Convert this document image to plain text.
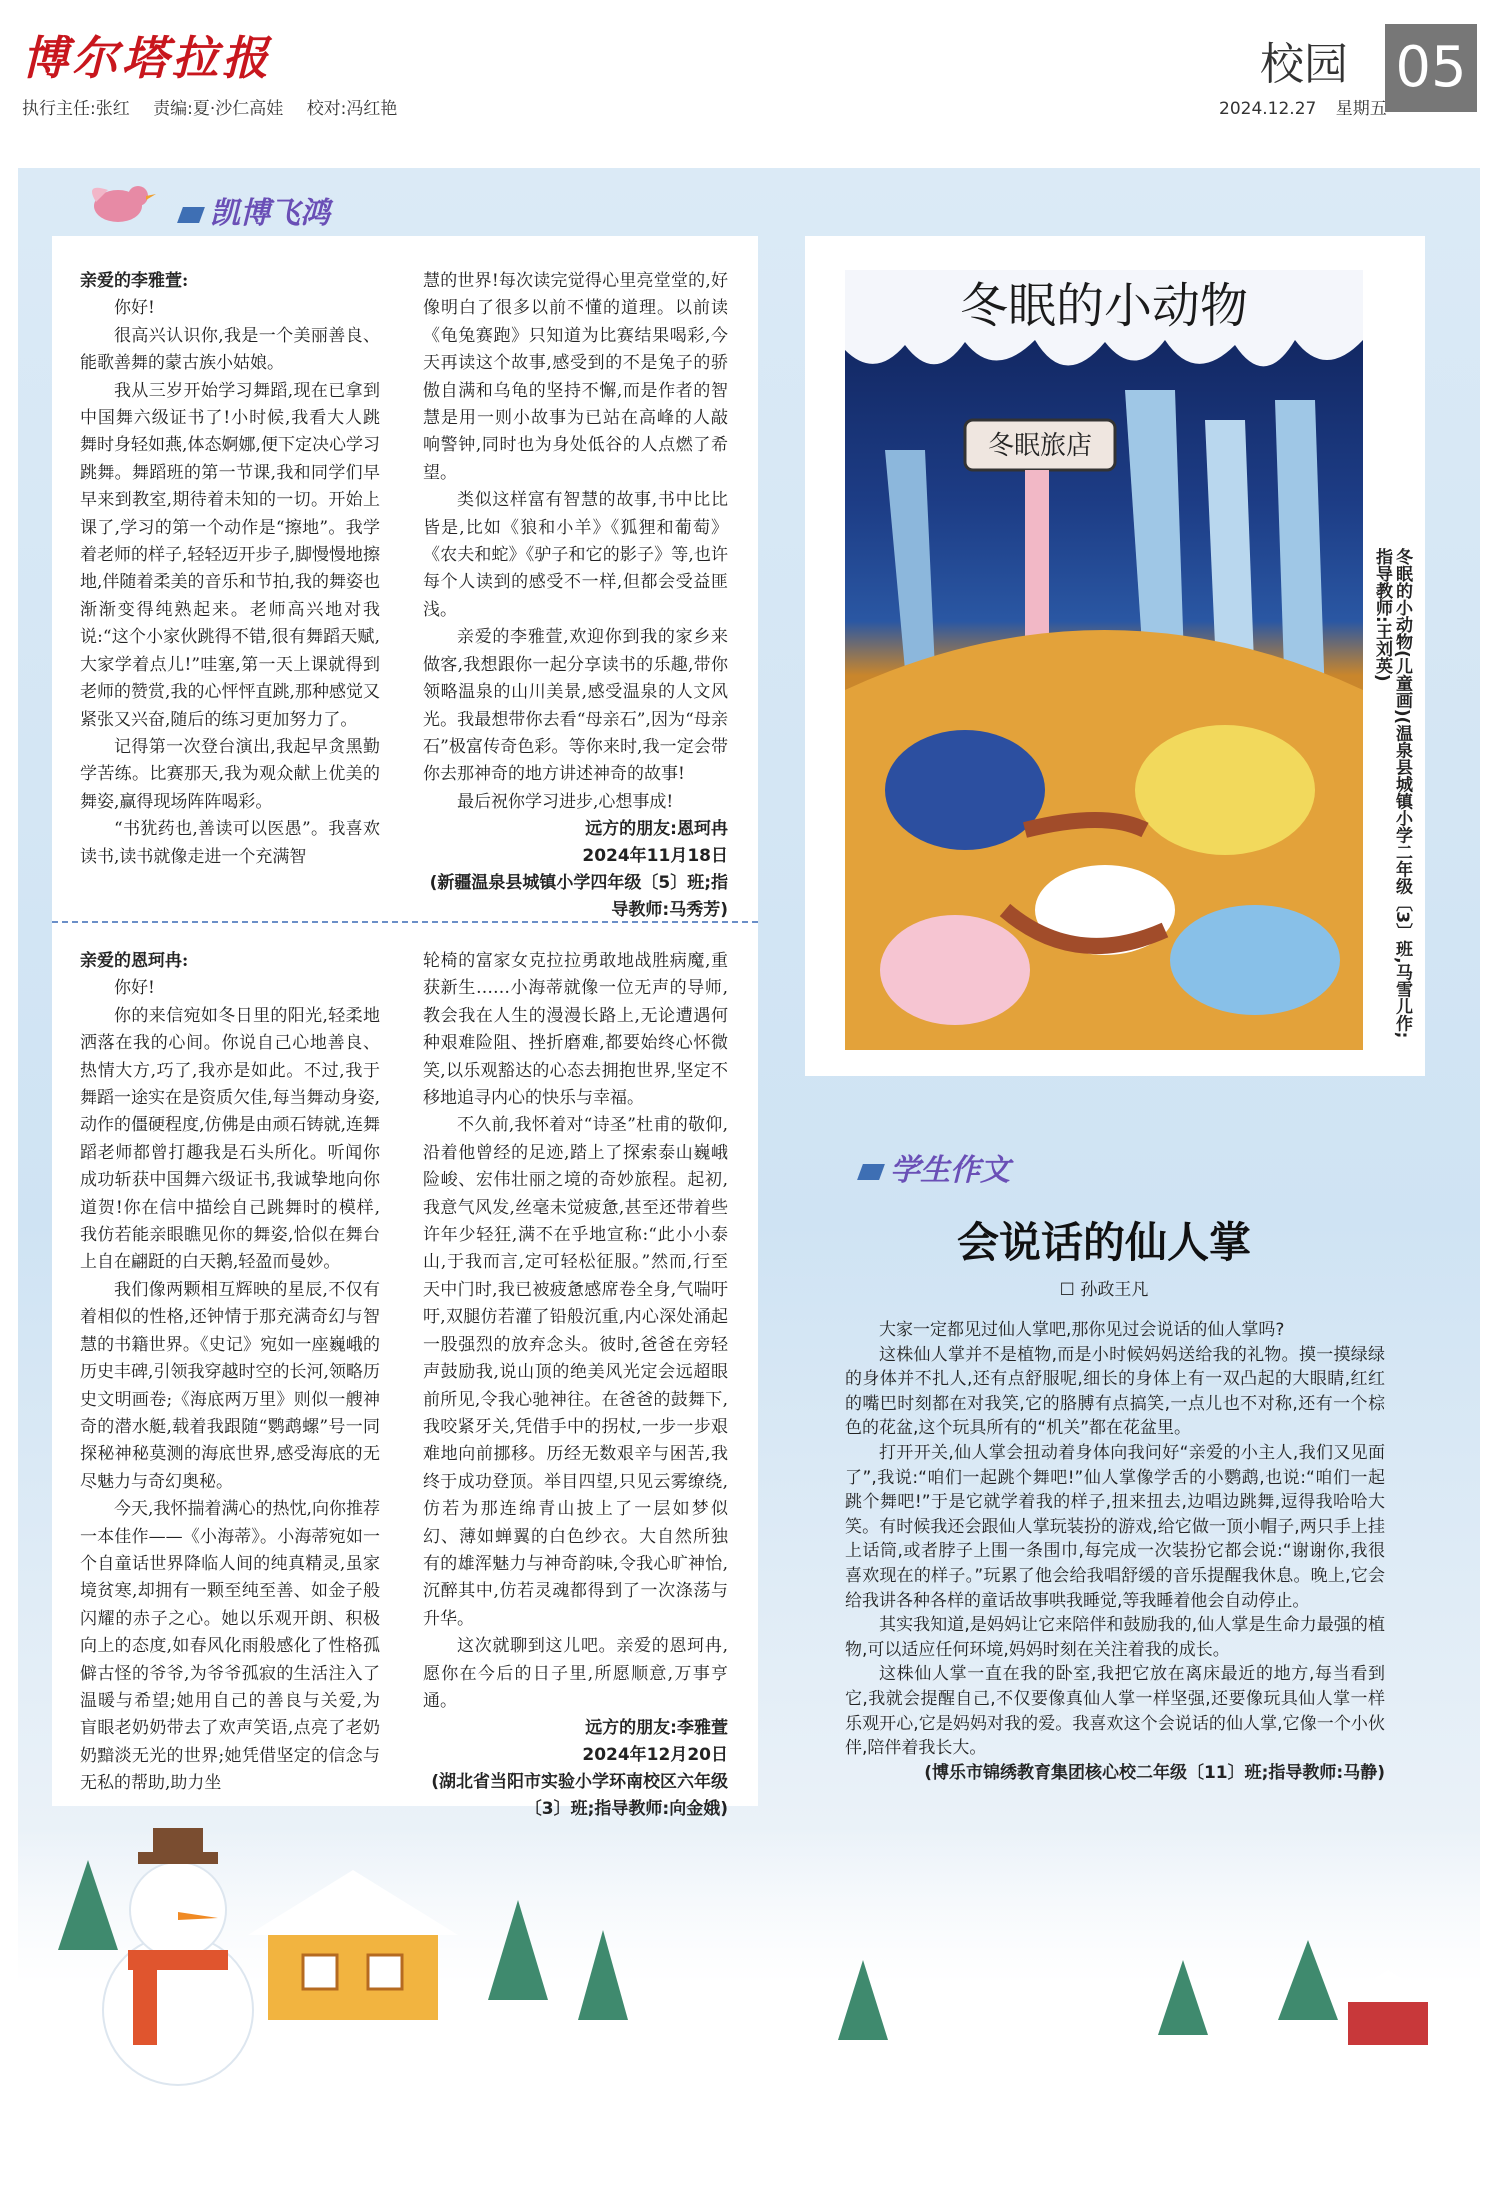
博尔塔拉报
执行主任:张红 责编:夏·沙仁高娃 校对:冯红艳
校园 05
2024.12.27 星期五
凯博飞鸿

亲爱的李雅萱:

你好!

很高兴认识你,我是一个美丽善良、能歌善舞的蒙古族小姑娘。

我从三岁开始学习舞蹈,现在已拿到中国舞六级证书了!小时候,我看大人跳舞时身轻如燕,体态婀娜,便下定决心学习跳舞。舞蹈班的第一节课,我和同学们早早来到教室,期待着未知的一切。开始上课了,学习的第一个动作是“擦地”。我学着老师的样子,轻轻迈开步子,脚慢慢地擦地,伴随着柔美的音乐和节拍,我的舞姿也渐渐变得纯熟起来。老师高兴地对我说:“这个小家伙跳得不错,很有舞蹈天赋,大家学着点儿!”哇塞,第一天上课就得到老师的赞赏,我的心怦怦直跳,那种感觉又紧张又兴奋,随后的练习更加努力了。

记得第一次登台演出,我起早贪黑勤学苦练。比赛那天,我为观众献上优美的舞姿,赢得现场阵阵喝彩。

“书犹药也,善读可以医愚”。我喜欢读书,读书就像走进一个充满智

慧的世界!每次读完觉得心里亮堂堂的,好像明白了很多以前不懂的道理。以前读《龟兔赛跑》只知道为比赛结果喝彩,今天再读这个故事,感受到的不是兔子的骄傲自满和乌龟的坚持不懈,而是作者的智慧是用一则小故事为已站在高峰的人敲响警钟,同时也为身处低谷的人点燃了希望。

类似这样富有智慧的故事,书中比比皆是,比如《狼和小羊》《狐狸和葡萄》《农夫和蛇》《驴子和它的影子》等,也许每个人读到的感受不一样,但都会受益匪浅。

亲爱的李雅萱,欢迎你到我的家乡来做客,我想跟你一起分享读书的乐趣,带你领略温泉的山川美景,感受温泉的人文风光。我最想带你去看“母亲石”,因为“母亲石”极富传奇色彩。等你来时,我一定会带你去那神奇的地方讲述神奇的故事!

最后祝你学习进步,心想事成!

远方的朋友:恩珂冉
2024年11月18日
(新疆温泉县城镇小学四年级〔5〕班;指导教师:马秀芳)

亲爱的恩珂冉:

你好!

你的来信宛如冬日里的阳光,轻柔地洒落在我的心间。你说自己心地善良、热情大方,巧了,我亦是如此。不过,我于舞蹈一途实在是资质欠佳,每当舞动身姿,动作的僵硬程度,仿佛是由顽石铸就,连舞蹈老师都曾打趣我是石头所化。听闻你成功斩获中国舞六级证书,我诚挚地向你道贺!你在信中描绘自己跳舞时的模样,我仿若能亲眼瞧见你的舞姿,恰似在舞台上自在翩跹的白天鹅,轻盈而曼妙。

我们像两颗相互辉映的星辰,不仅有着相似的性格,还钟情于那充满奇幻与智慧的书籍世界。《史记》宛如一座巍峨的历史丰碑,引领我穿越时空的长河,领略历史文明画卷;《海底两万里》则似一艘神奇的潜水艇,载着我跟随“鹦鹉螺”号一同探秘神秘莫测的海底世界,感受海底的无尽魅力与奇幻奥秘。

今天,我怀揣着满心的热忱,向你推荐一本佳作——《小海蒂》。小海蒂宛如一个自童话世界降临人间的纯真精灵,虽家境贫寒,却拥有一颗至纯至善、如金子般闪耀的赤子之心。她以乐观开朗、积极向上的态度,如春风化雨般感化了性格孤僻古怪的爷爷,为爷爷孤寂的生活注入了温暖与希望;她用自己的善良与关爱,为盲眼老奶奶带去了欢声笑语,点亮了老奶奶黯淡无光的世界;她凭借坚定的信念与无私的帮助,助力坐

轮椅的富家女克拉拉勇敢地战胜病魔,重获新生……小海蒂就像一位无声的导师,教会我在人生的漫漫长路上,无论遭遇何种艰难险阻、挫折磨难,都要始终心怀微笑,以乐观豁达的心态去拥抱世界,坚定不移地追寻内心的快乐与幸福。

不久前,我怀着对“诗圣”杜甫的敬仰,沿着他曾经的足迹,踏上了探索泰山巍峨险峻、宏伟壮丽之境的奇妙旅程。起初,我意气风发,丝毫未觉疲惫,甚至还带着些许年少轻狂,满不在乎地宣称:“此小小泰山,于我而言,定可轻松征服。”然而,行至天中门时,我已被疲惫感席卷全身,气喘吁吁,双腿仿若灌了铅般沉重,内心深处涌起一股强烈的放弃念头。彼时,爸爸在旁轻声鼓励我,说山顶的绝美风光定会远超眼前所见,令我心驰神往。在爸爸的鼓舞下,我咬紧牙关,凭借手中的拐杖,一步一步艰难地向前挪移。历经无数艰辛与困苦,我终于成功登顶。举目四望,只见云雾缭绕,仿若为那连绵青山披上了一层如梦似幻、薄如蝉翼的白色纱衣。大自然所独有的雄浑魅力与神奇韵味,令我心旷神怡,沉醉其中,仿若灵魂都得到了一次涤荡与升华。

这次就聊到这儿吧。亲爱的恩珂冉,愿你在今后的日子里,所愿顺意,万事亨通。

远方的朋友:李雅萱
2024年12月20日
(湖北省当阳市实验小学环南校区六年级〔3〕班;指导教师:向金娥)
冬眠旅店
冬眠的小动物
冬眠的小动物(儿童画)(温泉县城镇小学二年级〔3〕班,马雪儿作;指导教师:王刘英)
学生作文
会说话的仙人掌
☐ 孙政王凡

大家一定都见过仙人掌吧,那你见过会说话的仙人掌吗?

这株仙人掌并不是植物,而是小时候妈妈送给我的礼物。摸一摸绿绿的身体并不扎人,还有点舒服呢,细长的身体上有一双凸起的大眼睛,红红的嘴巴时刻都在对我笑,它的胳膊有点搞笑,一点儿也不对称,还有一个棕色的花盆,这个玩具所有的“机关”都在花盆里。

打开开关,仙人掌会扭动着身体向我问好“亲爱的小主人,我们又见面了”,我说:“咱们一起跳个舞吧!”仙人掌像学舌的小鹦鹉,也说:“咱们一起跳个舞吧!”于是它就学着我的样子,扭来扭去,边唱边跳舞,逗得我哈哈大笑。有时候我还会跟仙人掌玩装扮的游戏,给它做一顶小帽子,两只手上挂上话筒,或者脖子上围一条围巾,每完成一次装扮它都会说:“谢谢你,我很喜欢现在的样子。”玩累了他会给我唱舒缓的音乐提醒我休息。晚上,它会给我讲各种各样的童话故事哄我睡觉,等我睡着他会自动停止。

其实我知道,是妈妈让它来陪伴和鼓励我的,仙人掌是生命力最强的植物,可以适应任何环境,妈妈时刻在关注着我的成长。

这株仙人掌一直在我的卧室,我把它放在离床最近的地方,每当看到它,我就会提醒自己,不仅要像真仙人掌一样坚强,还要像玩具仙人掌一样乐观开心,它是妈妈对我的爱。我喜欢这个会说话的仙人掌,它像一个小伙伴,陪伴着我长大。

(博乐市锦绣教育集团核心校二年级〔11〕班;指导教师:马静)
